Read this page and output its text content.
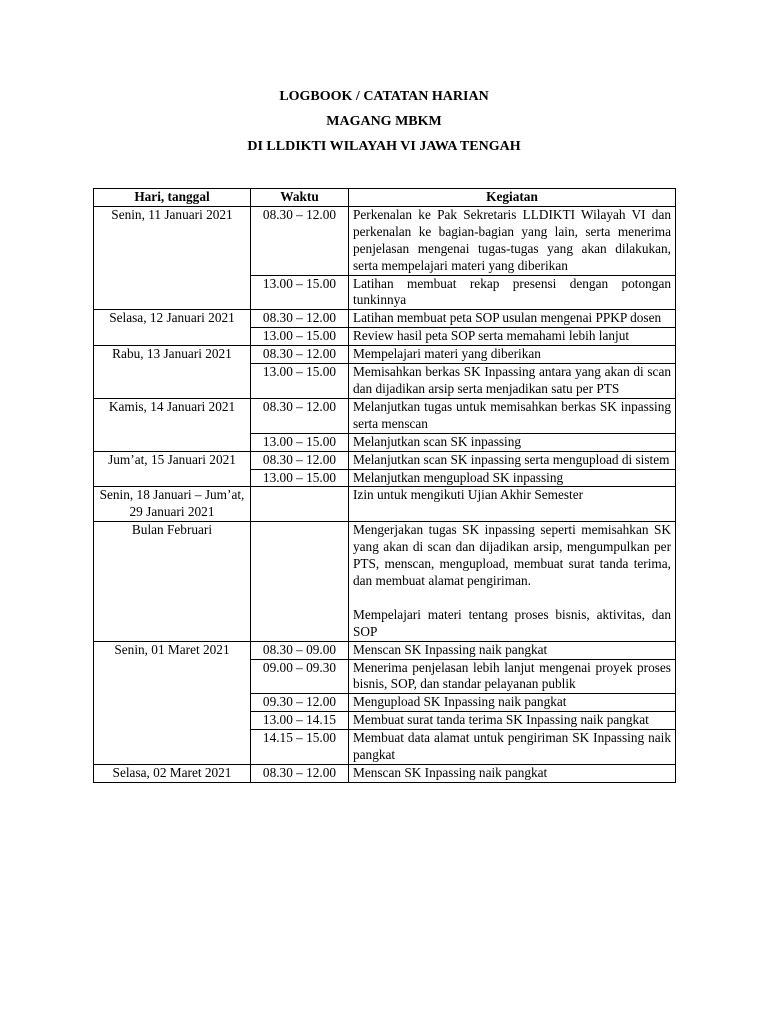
LOGBOOK / CATATAN HARIAN
MAGANG MBKM
DI LLDIKTI WILAYAH VI JAWA TENGAH
Hari, tanggal	Waktu	Kegiatan
Senin, 11 Januari 2021	08.30 – 12.00	Perkenalan ke Pak Sekretaris LLDIKTI Wilayah VI dan perkenalan ke bagian-bagian yang lain, serta menerima penjelasan mengenai tugas-tugas yang akan dilakukan, serta mempelajari materi yang diberikan
	13.00 – 15.00	Latihan membuat rekap presensi dengan potongan tunkinnya
Selasa, 12 Januari 2021	08.30 – 12.00	Latihan membuat peta SOP usulan mengenai PPKP dosen
	13.00 – 15.00	Review hasil peta SOP serta memahami lebih lanjut
Rabu, 13 Januari 2021	08.30 – 12.00	Mempelajari materi yang diberikan
	13.00 – 15.00	Memisahkan berkas SK Inpassing antara yang akan di scan dan dijadikan arsip serta menjadikan satu per PTS
Kamis, 14 Januari 2021	08.30 – 12.00	Melanjutkan tugas untuk memisahkan berkas SK inpassing serta menscan
	13.00 – 15.00	Melanjutkan scan SK inpassing
Jum’at, 15 Januari 2021	08.30 – 12.00	Melanjutkan scan SK inpassing serta mengupload di sistem
	13.00 – 15.00	Melanjutkan mengupload SK inpassing
Senin, 18 Januari – Jum’at, 29 Januari 2021		Izin untuk mengikuti Ujian Akhir Semester
Bulan Februari		Mengerjakan tugas SK inpassing seperti memisahkan SK yang akan di scan dan dijadikan arsip, mengumpulkan per PTS, menscan, mengupload, membuat surat tanda terima, dan membuat alamat pengiriman.
Mempelajari materi tentang proses bisnis, aktivitas, dan SOP

Senin, 01 Maret 2021	08.30 – 09.00	Menscan SK Inpassing naik pangkat
	09.00 – 09.30	Menerima penjelasan lebih lanjut mengenai proyek proses bisnis, SOP, dan standar pelayanan publik
	09.30 – 12.00	Mengupload SK Inpassing naik pangkat
	13.00 – 14.15	Membuat surat tanda terima SK Inpassing naik pangkat
	14.15 – 15.00	Membuat data alamat untuk pengiriman SK Inpassing naik pangkat
Selasa, 02 Maret 2021	08.30 – 12.00	Menscan SK Inpassing naik pangkat
